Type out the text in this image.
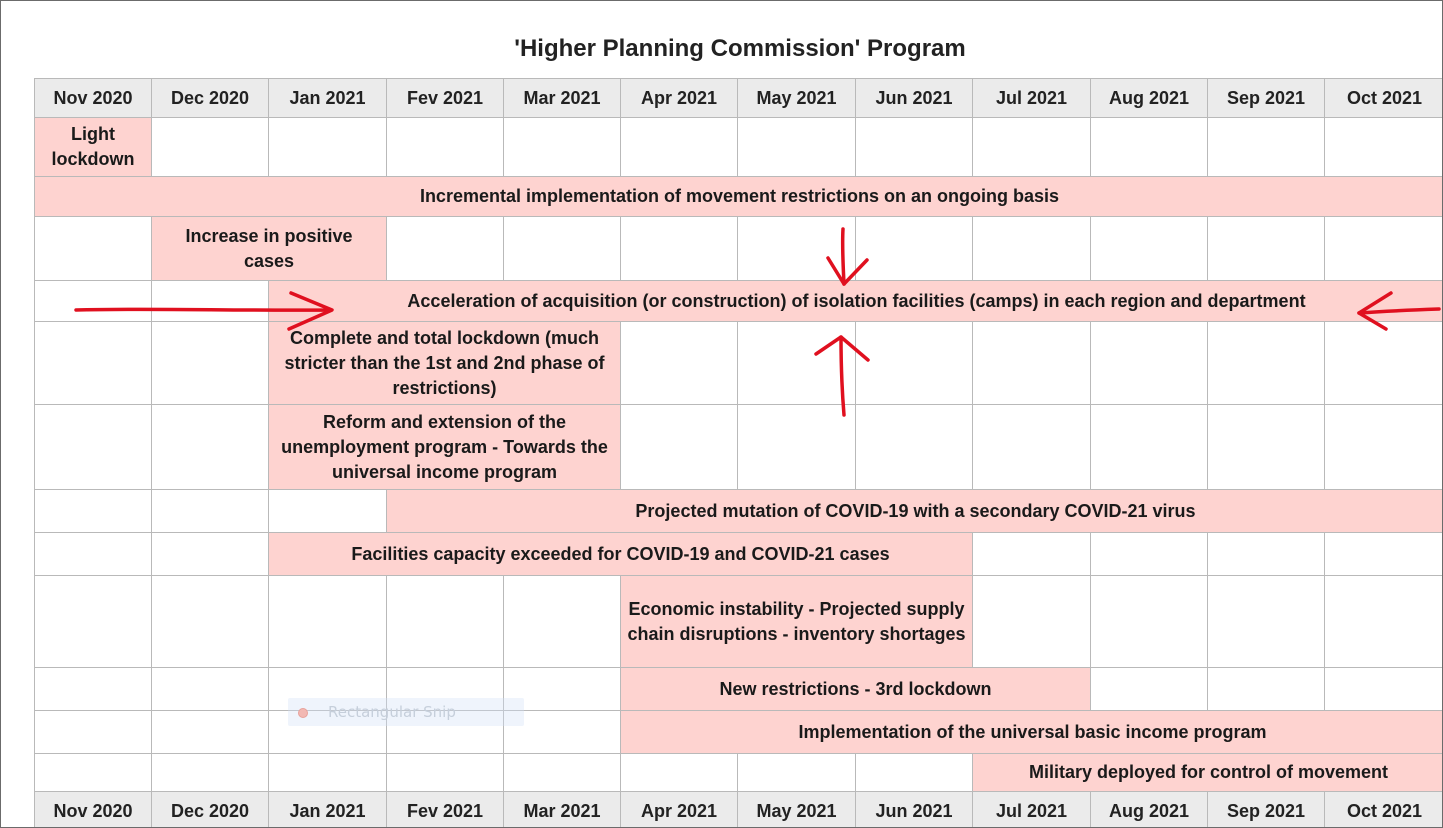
'Higher Planning Commission' Program
Nov 2020	Dec 2020	Jan 2021	Fev 2021	Mar 2021	Apr 2021	May 2021	Jun 2021	Jul 2021	Aug 2021	Sep 2021	Oct 2021
Light lockdown											
Incremental implementation of movement restrictions on an ongoing basis											
	Increase in positive cases										
		Acceleration of acquisition (or construction) of isolation facilities (camps) in each region and department									
		Complete and total lockdown (much stricter than the 1st and 2nd phase of restrictions)									
		Reform and extension of the unemployment program - Towards the universal income program									
			Projected mutation of COVID-19 with a secondary COVID-21 virus								
		Facilities capacity exceeded for COVID-19 and COVID-21 cases									
					Economic instability - Projected supply chain disruptions - inventory shortages						
					New restrictions - 3rd lockdown						
					Implementation of the universal basic income program						
								Military deployed for control of movement			
Nov 2020	Dec 2020	Jan 2021	Fev 2021	Mar 2021	Apr 2021	May 2021	Jun 2021	Jul 2021	Aug 2021	Sep 2021	Oct 2021
Rectangular Snip
